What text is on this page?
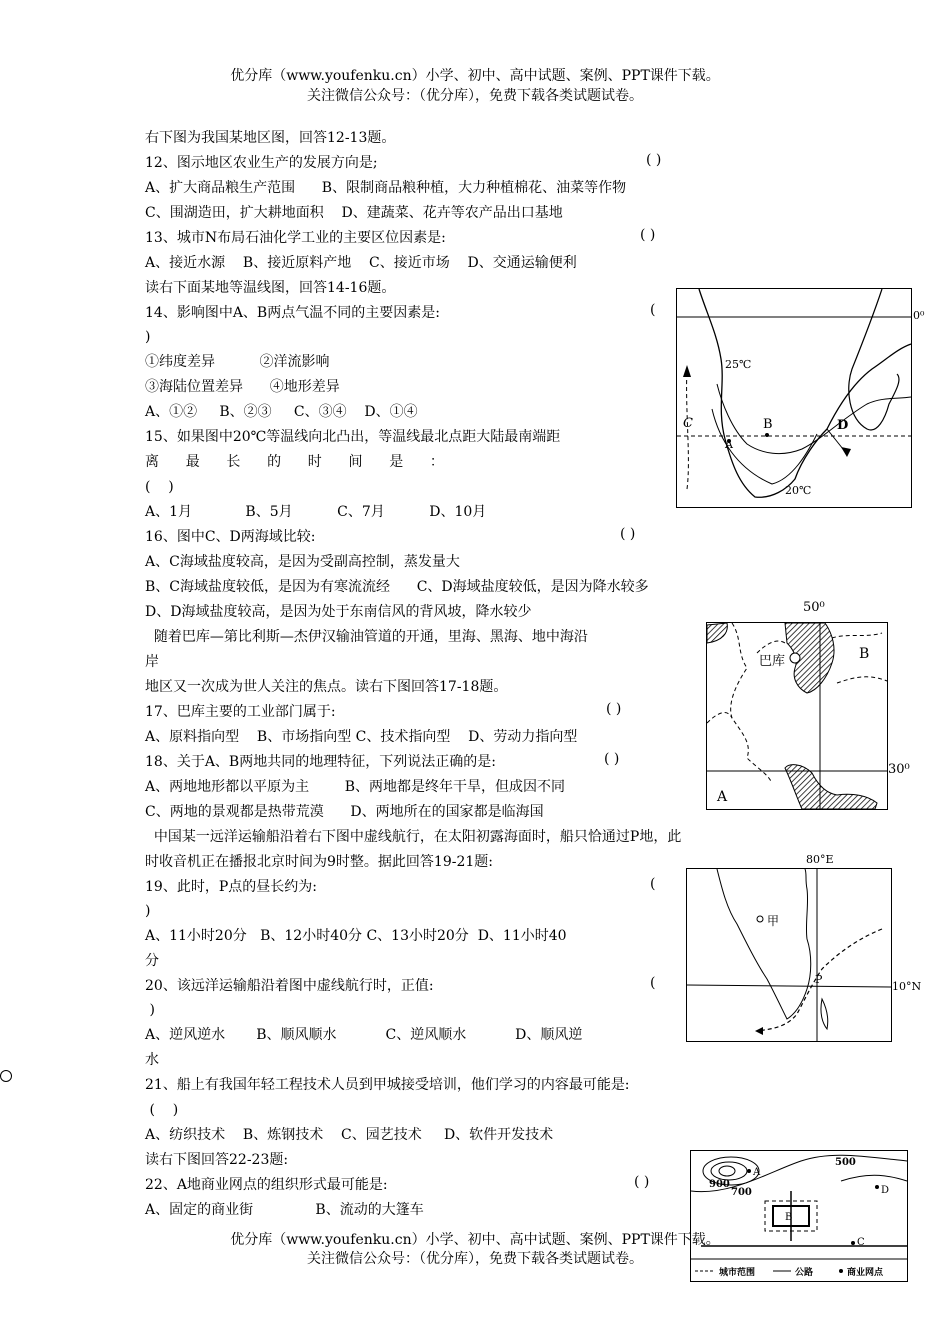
优分库（www.youfenku.cn）小学、初中、高中试题、案例、PPT课件下载。
关注微信公众号：（优分库），免费下载各类试题试卷。
右下图为我国某地区图，回答12-13题。
12、图示地区农业生产的发展方向是;
A、扩大商品粮生产范围      B、限制商品粮种植，大力种植棉花、油菜等作物
C、围湖造田，扩大耕地面积    D、建蔬菜、花卉等农产品出口基地
13、城市N布局石油化学工业的主要区位因素是:
A、接近水源    B、接近原料产地    C、接近市场    D、交通运输便利
读右下面某地等温线图，回答14-16题。
14、影响图中A、B两点气温不同的主要因素是:
)
①纬度差异          ②洋流影响
③海陆位置差异      ④地形差异
A、①②     B、②③     C、③④    D、①④
15、如果图中20℃等温线向北凸出，等温线最北点距大陆最南端距
离      最      长      的      时      间      是      ：
(    )
A、1月            B、5月          C、7月          D、10月
16、图中C、D两海域比较:
A、C海域盐度较高，是因为受副高控制，蒸发量大
B、C海域盐度较低，是因为有寒流流经      C、D海域盐度较低，是因为降水较多
D、D海域盐度较高，是因为处于东南信风的背风坡，降水较少
随着巴库—第比利斯—杰伊汉输油管道的开通，里海、黑海、地中海沿
岸
地区又一次成为世人关注的焦点。读右下图回答17-18题。
17、巴库主要的工业部门属于:
A、原料指向型    B、市场指向型 C、技术指向型    D、劳动力指向型
18、关于A、B两地共同的地理特征，下列说法正确的是:
A、两地地形都以平原为主        B、两地都是终年干旱，但成因不同
C、两地的景观都是热带荒漠      D、两地所在的国家都是临海国
中国某一远洋运输船沿着右下图中虚线航行，在太阳初露海面时，船只恰通过P地，此
时收音机正在播报北京时间为9时整。据此回答19-21题:
19、此时，P点的昼长约为:
)
A、11小时20分   B、12小时40分 C、13小时20分  D、11小时40
分
20、该远洋运输船沿着图中虚线航行时，正值:
)
A、逆风逆水       B、顺风顺水           C、逆风顺水           D、顺风逆
水
21、船上有我国年轻工程技术人员到甲城接受培训，他们学习的内容最可能是:
(    )
A、纺织技术    B、炼钢技术    C、园艺技术     D、软件开发技术
读右下图回答22-23题:
22、A地商业网点的组织形式最可能是:
A、固定的商业街              B、流动的大篷车
( )
( )
(
( )
( )
( )
(
(
( )
0⁰
25℃
20℃
B
A
C	D
巴库	B
A
50⁰
30⁰
甲
P
80°E
10°N
900
700
500
A
B
C
D
城市范围	公路	商业网点
优分库（www.youfenku.cn）小学、初中、高中试题、案例、PPT课件下载。
关注微信公众号：（优分库），免费下载各类试题试卷。
